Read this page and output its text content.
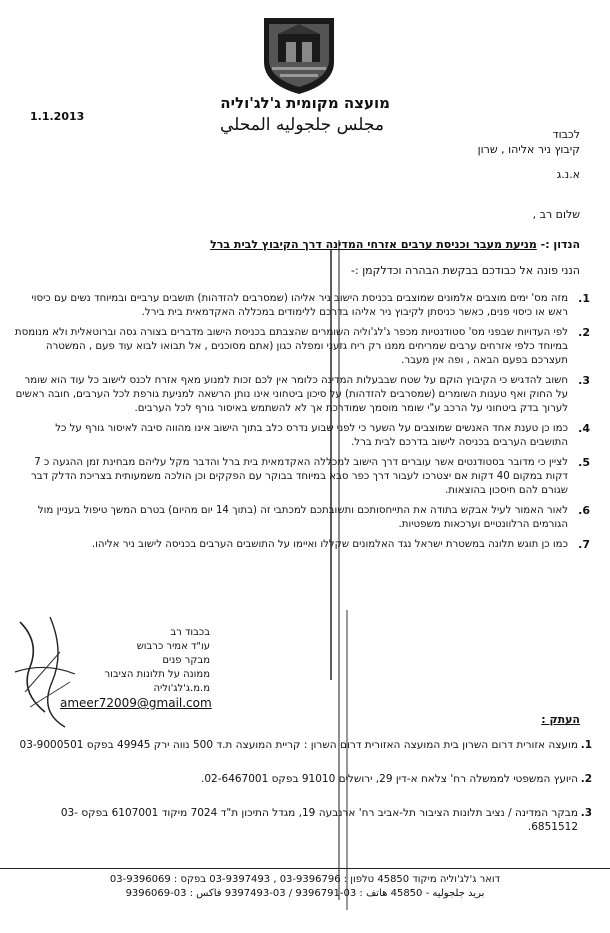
מועצה מקומית ג'לג'וליה
مجلس جلجوليه المحلي
1.1.2013
לכבוד
קיבוץ ניר אליהו , שרון
א.נ.ג
שלום רב ,
הנדון :- מניעת מעבר וכניסת ערבים אזרחי המדינה דרך הקיבוץ לבית ברל
הנני פונה אל כבודכם בבקשת הבהרה וכדלקמן :-
1.
מזה מס' ימים מוצבים אלמונים שמוצבים בכניסת הישוב ניר אליהו (שמסרבים להזדהות) תושבים ערביים ובמיוחד נשים עם כיסוי ראש או כיסוי פנים, כאשר כניסתן לקיבוץ ניר אליהו בדרכם ללימודים במכללה האקדמאית בית בירל.
2.
לפי העדויות שבפני מס' סטודנטיות מכפר ג'לג'וליה השומרים שהצבתם בכניסת הישוב מדברים בצורה גסה וברוטאלית ולא מנומסת במיוחד כלפי אזרחים ערבים שמריחים ממנו רק ריח גזעני ומפלה כגון (אתם מסוכנים , אל תבואו לבוא עוד פעם , המשטרה תעצרכם בפעם הבאה , ופה אין מעבר.
3.
חשוב להדגיש כי הקיבוץ הוקם על שטח שבבעלות המדינה כלומר אין לכם זכות למנוע מאף אזרח לכנס לישוב כל עוד הוא שומר על החוק ואף טענות השומרים (שמסרבים להזדהות) על סיכון ביטחוני אינו נותן הרשאה למניעת גורפת לכל הערבים, חובה ראשים לערוך בדק ביטחוני על הרכב ע"י שומר מוסמך שמודרכת אך לא להשתמש באיסור גורף לכל הערבים.
4.
כמו כן טענת אחד האנשים שמוצבים על השער כי לפני שבוע נדרס כלב בתוך הישוב אינו מהווה סיבה לאיסור גורף על כל התושבים הערבים בכניסה לישוב בדרכם לבית ברל.
5.
לציין כי מדובר בסטודנטים אשר עוברים דרך הישוב למכללה האקדמאית בית ברל והדבר מקל עליהם מבחינת זמן ההגעה כ 7 דקות במקום 40 דקות אם יצטרכו לעבור דרך כפר סבא במיוחד בבוקר עם הפקקים וכן הולכה משמעותית בצריכת הדלק דבר שגורם להם חיסכון בהוצאות.
6.
לאור האמור לעיל אבקש בתודה את התייחסותכם ותשובתכם למכתבי זה (בתוך 14 יום מהיום) בטרם המשך טיפול בעניין מול הגורמים הרלוונטיים וערכאות משפטיות.
7.
כמו כן תוגש תלונה במשטרת ישראל נגד האלמונים שקללו ואיימו על התושבים הערבים בכניסה לישוב ניר אליהו.
בכבוד רב
עו"ד אמיר כרבוש
מבקר פנים
ממונה על תלונות הציבור
מ.מ.ג'לג'וליה
ameer72009@gmail.com
העתק :
1.
מועצה אזורית דרום השרון בית המועצה האזורית דרום השרון : קריית המועצה ת.ד 500 נווה ירק 49945 בפקס 03-9000501
2.
היועץ המשפטי לממשלה רח' צלאח א-דין 29, ירושלים 91010 בפקס 02-6467001.
3.
מבקר המדינה / נציב תלונות הציבור תל-אביב רח' ארנבעה 19, מגדל התיכון ת"ד 7024 מיקוד 6107001 בפקס 03-6851512.
דואר ג'לג'וליה מיקוד 45850 טלפון : 03-9396796 , 03-9397493 בפקס : 03-9396069
بريد جلجوليه - 45850 هاتف : 03-9396791 / 03-9397493 فاكس : 03-9396069
